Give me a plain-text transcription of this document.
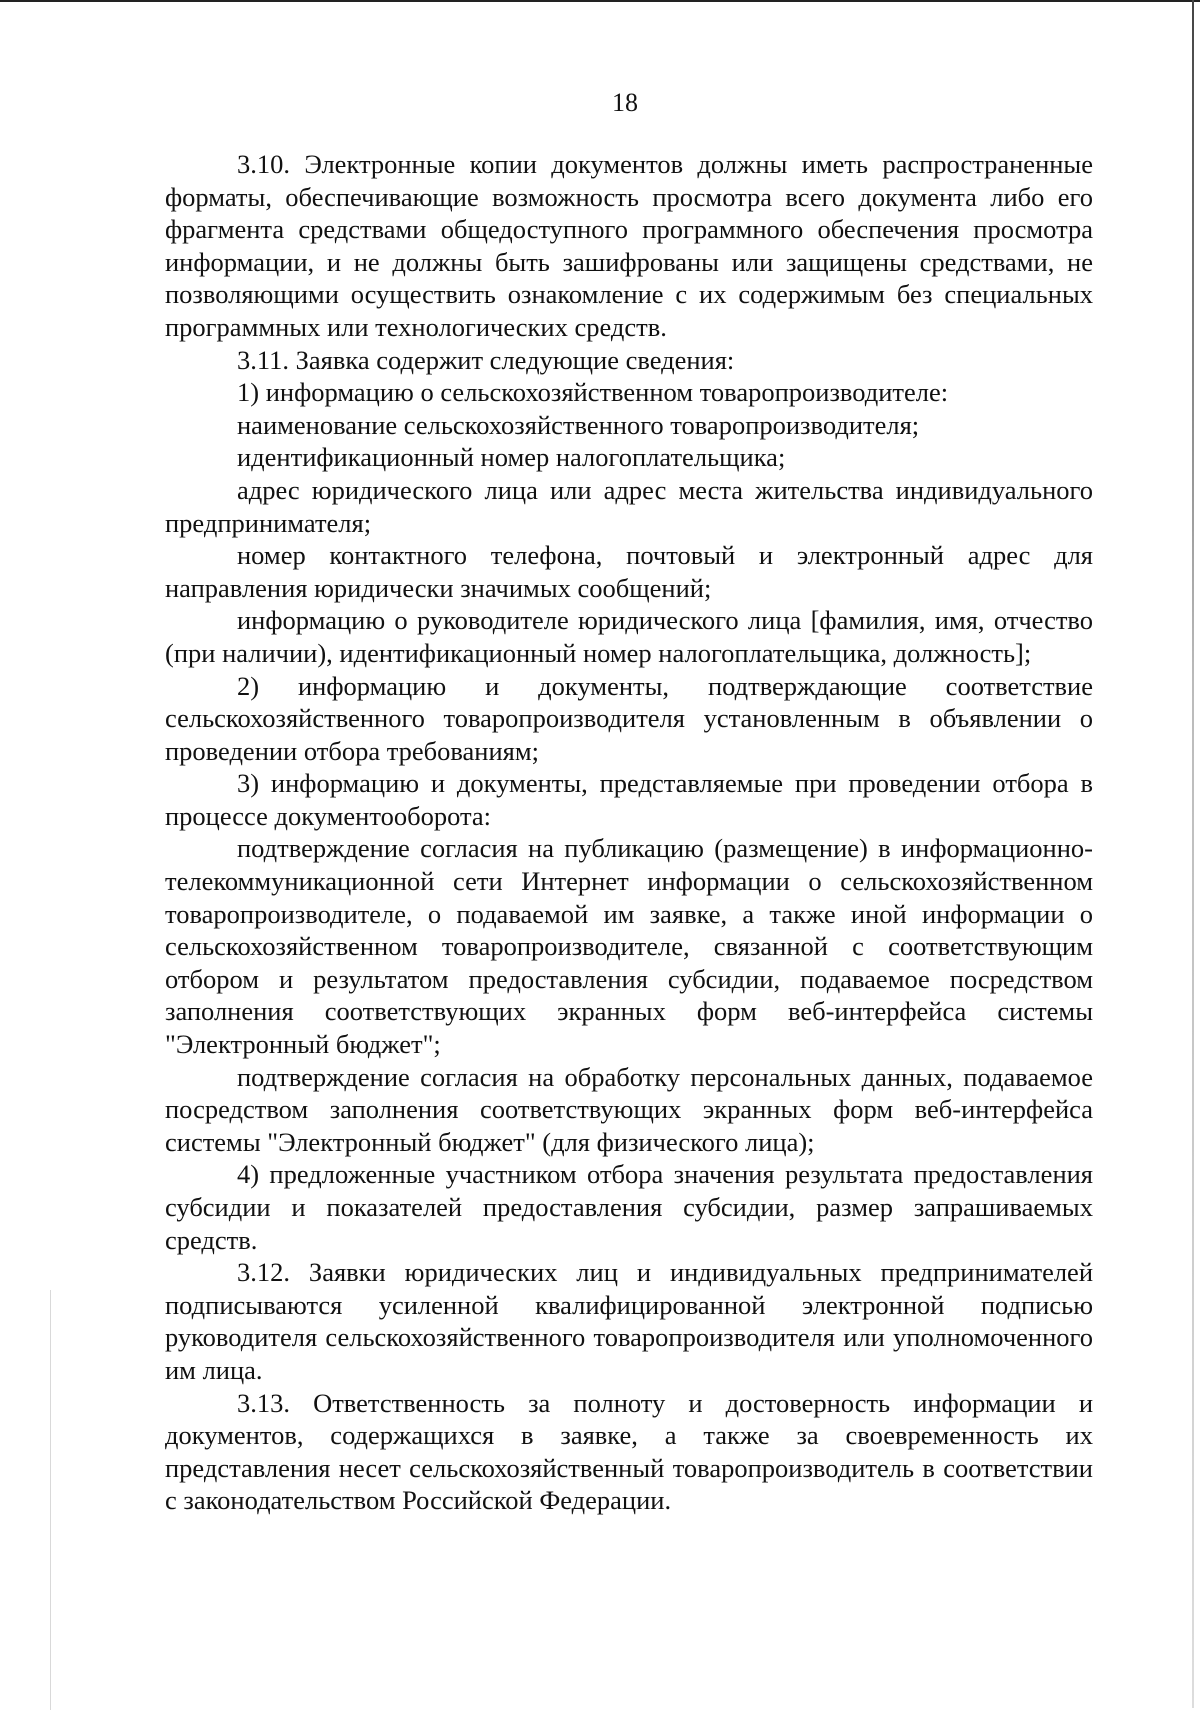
18

3.10. Электронные копии документов должны иметь распространенные форматы, обеспечивающие возможность просмотра всего документа либо его фрагмента средствами общедоступного программного обеспечения просмотра информации, и не должны быть зашифрованы или защищены средствами, не позволяющими осуществить ознакомление с их содержимым без специальных программных или технологических средств.

3.11. Заявка содержит следующие сведения:

1) информацию о сельскохозяйственном товаропроизводителе:

наименование сельскохозяйственного товаропроизводителя;

идентификационный номер налогоплательщика;

адрес юридического лица или адрес места жительства индивидуального предпринимателя;

номер контактного телефона, почтовый и электронный адрес для направления юридически значимых сообщений;

информацию о руководителе юридического лица [фамилия, имя, отчество (при наличии), идентификационный номер налогоплательщика, должность];

2) информацию и документы, подтверждающие соответствие сельскохозяйственного товаропроизводителя установленным в объявлении о проведении отбора требованиям;

3) информацию и документы, представляемые при проведении отбора в процессе документооборота:

подтверждение согласия на публикацию (размещение) в информационно-телекоммуникационной сети Интернет информации о сельскохозяйственном товаропроизводителе, о подаваемой им заявке, а также иной информации о сельскохозяйственном товаропроизводителе, связанной с соответствующим отбором и результатом предоставления субсидии, подаваемое посредством заполнения соответствующих экранных форм веб-интерфейса системы "Электронный бюджет";

подтверждение согласия на обработку персональных данных, подаваемое посредством заполнения соответствующих экранных форм веб-интерфейса системы "Электронный бюджет" (для физического лица);

4) предложенные участником отбора значения результата предоставления субсидии и показателей предоставления субсидии, размер запрашиваемых средств.

3.12. Заявки юридических лиц и индивидуальных предпринимателей подписываются усиленной квалифицированной электронной подписью руководителя сельскохозяйственного товаропроизводителя или уполномоченного им лица.

3.13. Ответственность за полноту и достоверность информации и документов, содержащихся в заявке, а также за своевременность их представления несет сельскохозяйственный товаропроизводитель в соответствии с законодательством Российской Федерации.
